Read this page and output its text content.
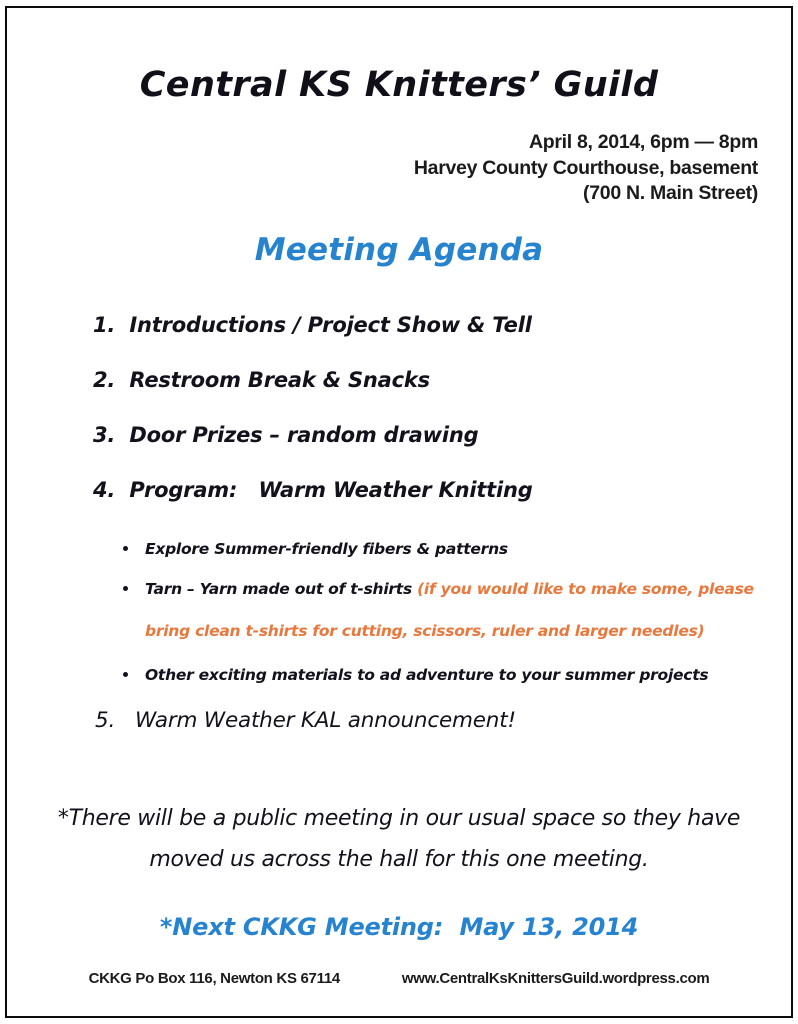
Central KS Knitters’ Guild
April 8, 2014, 6pm — 8pm
Harvey County Courthouse, basement
(700 N. Main Street)
Meeting Agenda
1.  Introductions / Project Show & Tell
2.  Restroom Break & Snacks
3.  Door Prizes – random drawing
4.  Program:   Warm Weather Knitting
Explore Summer-friendly fibers & patterns
Tarn – Yarn made out of t-shirts (if you would like to make some, please
bring clean t-shirts for cutting, scissors, ruler and larger needles)
Other exciting materials to ad adventure to your summer projects
5.   Warm Weather KAL announcement!
*There will be a public meeting in our usual space so they have
moved us across the hall for this one meeting.
*Next CKKG Meeting:  May 13, 2014
CKKG Po Box 116, Newton KS 67114	www.CentralKsKnittersGuild.wordpress.com
